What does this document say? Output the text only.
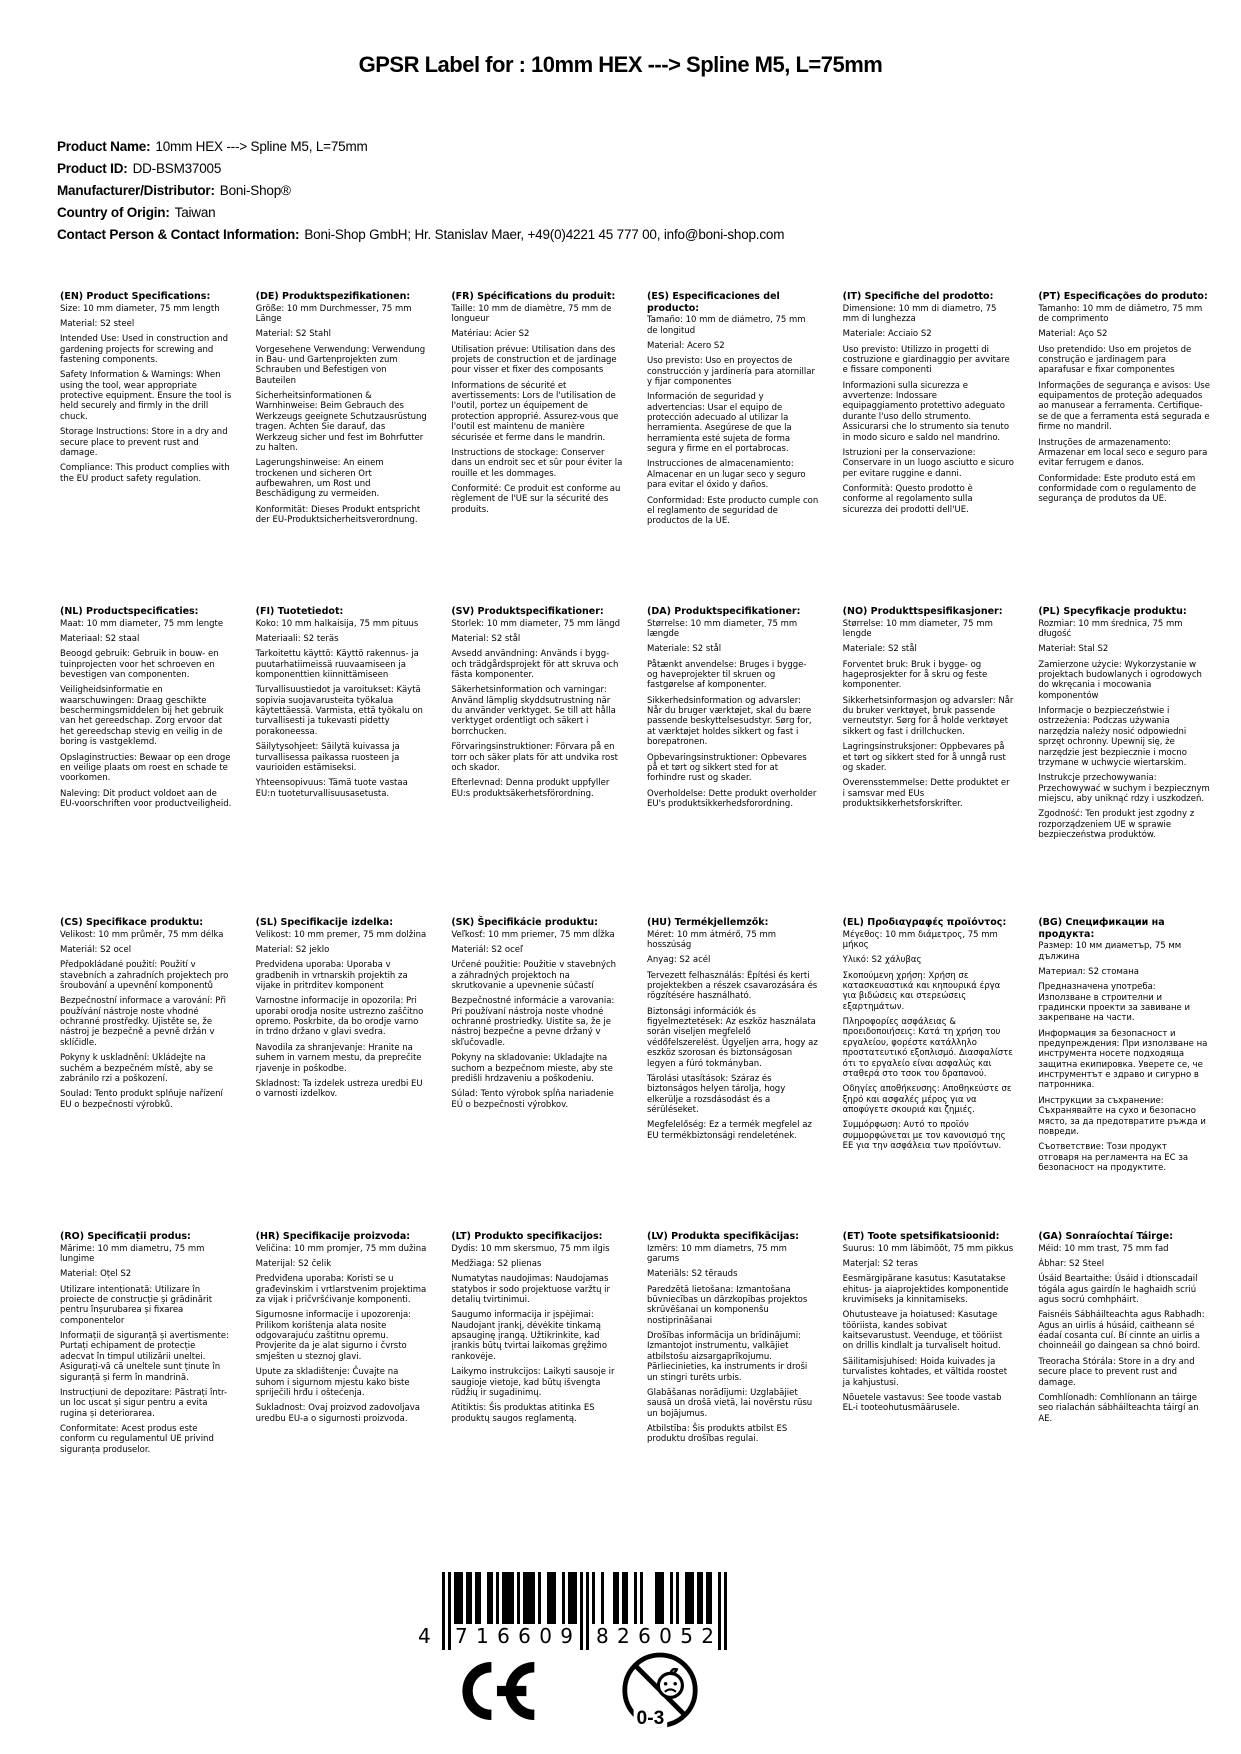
GPSR Label for : 10mm HEX ---> Spline M5, L=75mm
Product Name: 10mm HEX ---> Spline M5, L=75mm
Product ID: DD-BSM37005
Manufacturer/Distributor: Boni-Shop®
Country of Origin: Taiwan
Contact Person & Contact Information: Boni-Shop GmbH; Hr. Stanislav Maer, +49(0)4221 45 777 00, info@boni-shop.com
(EN) Product Specifications:

Size: 10 mm diameter, 75 mm length

Material: S2 steel

Intended Use: Used in construction and gardening projects for screwing and fastening components.

Safety Information & Warnings: When using the tool, wear appropriate protective equipment. Ensure the tool is held securely and firmly in the drill chuck.

Storage Instructions: Store in a dry and secure place to prevent rust and damage.

Compliance: This product complies with the EU product safety regulation.

(DE) Produktspezifikationen:

Größe: 10 mm Durchmesser, 75 mm Länge

Material: S2 Stahl

Vorgesehene Verwendung: Verwendung in Bau- und Gartenprojekten zum Schrauben und Befestigen von Bauteilen

Sicherheitsinformationen & Warnhinweise: Beim Gebrauch des Werkzeugs geeignete Schutzausrüstung tragen. Achten Sie darauf, das Werkzeug sicher und fest im Bohrfutter zu halten.

Lagerungshinweise: An einem trockenen und sicheren Ort aufbewahren, um Rost und Beschädigung zu vermeiden.

Konformität: Dieses Produkt entspricht der EU-Produktsicherheitsverordnung.

(FR) Spécifications du produit:

Taille: 10 mm de diamètre, 75 mm de longueur

Matériau: Acier S2

Utilisation prévue: Utilisation dans des projets de construction et de jardinage pour visser et fixer des composants

Informations de sécurité et avertissements: Lors de l'utilisation de l'outil, portez un équipement de protection approprié. Assurez-vous que l'outil est maintenu de manière sécurisée et ferme dans le mandrin.

Instructions de stockage: Conserver dans un endroit sec et sûr pour éviter la rouille et les dommages.

Conformité: Ce produit est conforme au règlement de l'UE sur la sécurité des produits.

(ES) Especificaciones del producto:

Tamaño: 10 mm de diámetro, 75 mm de longitud

Material: Acero S2

Uso previsto: Uso en proyectos de construcción y jardinería para atornillar y fijar componentes

Información de seguridad y advertencias: Usar el equipo de protección adecuado al utilizar la herramienta. Asegúrese de que la herramienta esté sujeta de forma segura y firme en el portabrocas.

Instrucciones de almacenamiento: Almacenar en un lugar seco y seguro para evitar el óxido y daños.

Conformidad: Este producto cumple con el reglamento de seguridad de productos de la UE.

(IT) Specifiche del prodotto:

Dimensione: 10 mm di diametro, 75 mm di lunghezza

Materiale: Acciaio S2

Uso previsto: Utilizzo in progetti di costruzione e giardinaggio per avvitare e fissare componenti

Informazioni sulla sicurezza e avvertenze: Indossare equipaggiamento protettivo adeguato durante l'uso dello strumento. Assicurarsi che lo strumento sia tenuto in modo sicuro e saldo nel mandrino.

Istruzioni per la conservazione: Conservare in un luogo asciutto e sicuro per evitare ruggine e danni.

Conformità: Questo prodotto è conforme al regolamento sulla sicurezza dei prodotti dell'UE.

(PT) Especificações do produto:

Tamanho: 10 mm de diâmetro, 75 mm de comprimento

Material: Aço S2

Uso pretendido: Uso em projetos de construção e jardinagem para aparafusar e fixar componentes

Informações de segurança e avisos: Use equipamentos de proteção adequados ao manusear a ferramenta. Certifique-se de que a ferramenta está segurada e firme no mandril.

Instruções de armazenamento: Armazenar em local seco e seguro para evitar ferrugem e danos.

Conformidade: Este produto está em conformidade com o regulamento de segurança de produtos da UE.

(NL) Productspecificaties:

Maat: 10 mm diameter, 75 mm lengte

Materiaal: S2 staal

Beoogd gebruik: Gebruik in bouw- en tuinprojecten voor het schroeven en bevestigen van componenten.

Veiligheidsinformatie en waarschuwingen: Draag geschikte beschermingsmiddelen bij het gebruik van het gereedschap. Zorg ervoor dat het gereedschap stevig en veilig in de boring is vastgeklemd.

Opslaginstructies: Bewaar op een droge en veilige plaats om roest en schade te voorkomen.

Naleving: Dit product voldoet aan de EU-voorschriften voor productveiligheid.

(FI) Tuotetiedot:

Koko: 10 mm halkaisija, 75 mm pituus

Materiaali: S2 teräs

Tarkoitettu käyttö: Käyttö rakennus- ja puutarhatiimeissä ruuvaamiseen ja komponenttien kiinnittämiseen

Turvallisuustiedot ja varoitukset: Käytä sopivia suojavarusteita työkalua käytettäessä. Varmista, että työkalu on turvallisesti ja tukevasti pidetty porakoneessa.

Säilytysohjeet: Säilytä kuivassa ja turvallisessa paikassa ruosteen ja vaurioiden estämiseksi.

Yhteensopivuus: Tämä tuote vastaa EU:n tuoteturvallisuusasetusta.

(SV) Produktspecifikationer:

Storlek: 10 mm diameter, 75 mm längd

Material: S2 stål

Avsedd användning: Används i bygg- och trädgårdsprojekt för att skruva och fästa komponenter.

Säkerhetsinformation och varningar: Använd lämplig skyddsutrustning när du använder verktyget. Se till att hålla verktyget ordentligt och säkert i borrchucken.

Förvaringsinstruktioner: Förvara på en torr och säker plats för att undvika rost och skador.

Efterlevnad: Denna produkt uppfyller EU:s produktsäkerhetsförordning.

(DA) Produktspecifikationer:

Størrelse: 10 mm diameter, 75 mm længde

Materiale: S2 stål

Påtænkt anvendelse: Bruges i bygge- og haveprojekter til skruen og fastgørelse af komponenter.

Sikkerhedsinformation og advarsler: Når du bruger værktøjet, skal du bære passende beskyttelsesudstyr. Sørg for, at værktøjet holdes sikkert og fast i borepatronen.

Opbevaringsinstruktioner: Opbevares på et tørt og sikkert sted for at forhindre rust og skader.

Overholdelse: Dette produkt overholder EU's produktsikkerhedsforordning.

(NO) Produkttspesifikasjoner:

Størrelse: 10 mm diameter, 75 mm lengde

Materiale: S2 stål

Forventet bruk: Bruk i bygge- og hageprosjekter for å skru og feste komponenter.

Sikkerhetsinformasjon og advarsler: Når du bruker verktøyet, bruk passende verneutstyr. Sørg for å holde verktøyet sikkert og fast i drillchucken.

Lagringsinstruksjoner: Oppbevares på et tørt og sikkert sted for å unngå rust og skader.

Overensstemmelse: Dette produktet er i samsvar med EUs produktsikkerhetsforskrifter.

(PL) Specyfikacje produktu:

Rozmiar: 10 mm średnica, 75 mm długość

Materiał: Stal S2

Zamierzone użycie: Wykorzystanie w projektach budowlanych i ogrodowych do wkręcania i mocowania komponentów

Informacje o bezpieczeństwie i ostrzeżenia: Podczas używania narzędzia należy nosić odpowiedni sprzęt ochronny. Upewnij się, że narzędzie jest bezpiecznie i mocno trzymane w uchwycie wiertarskim.

Instrukcje przechowywania: Przechowywać w suchym i bezpiecznym miejscu, aby uniknąć rdzy i uszkodzeń.

Zgodność: Ten produkt jest zgodny z rozporządzeniem UE w sprawie bezpieczeństwa produktów.

(CS) Specifikace produktu:

Velikost: 10 mm průměr, 75 mm délka

Materiál: S2 ocel

Předpokládané použití: Použití v stavebních a zahradních projektech pro šroubování a upevnění komponentů

Bezpečnostní informace a varování: Při používání nástroje noste vhodné ochranné prostředky. Ujistěte se, že nástroj je bezpečně a pevně držán v sklíčidle.

Pokyny k uskladnění: Ukládejte na suchém a bezpečném místě, aby se zabránilo rzi a poškození.

Soulad: Tento produkt splňuje nařízení EU o bezpečnosti výrobků.

(SL) Specifikacije izdelka:

Velikost: 10 mm premer, 75 mm dolžina

Material: S2 jeklo

Predvidena uporaba: Uporaba v gradbenih in vrtnarskih projektih za vijake in pritrditev komponent

Varnostne informacije in opozorila: Pri uporabi orodja nosite ustrezno zaščitno opremo. Poskrbite, da bo orodje varno in trdno držano v glavi svedra.

Navodila za shranjevanje: Hranite na suhem in varnem mestu, da preprečite rjavenje in poškodbe.

Skladnost: Ta izdelek ustreza uredbi EU o varnosti izdelkov.

(SK) Špecifikácie produktu:

Veľkosť: 10 mm priemer, 75 mm dĺžka

Materiál: S2 oceľ

Určené použitie: Použitie v stavebných a záhradných projektoch na skrutkovanie a upevnenie súčastí

Bezpečnostné informácie a varovania: Pri používaní nástroja noste vhodné ochranné prostriedky. Uistite sa, že je nástroj bezpečne a pevne držaný v skľučovadle.

Pokyny na skladovanie: Ukladajte na suchom a bezpečnom mieste, aby ste predišli hrdzaveniu a poškodeniu.

Súlad: Tento výrobok spĺňa nariadenie EÚ o bezpečnosti výrobkov.

(HU) Termékjellemzők:

Méret: 10 mm átmérő, 75 mm hosszúság

Anyag: S2 acél

Tervezett felhasználás: Építési és kerti projektekben a részek csavarozására és rögzítésére használható.

Biztonsági információk és figyelmeztetések: Az eszköz használata során viseljen megfelelő védőfelszerelést. Ügyeljen arra, hogy az eszköz szorosan és biztonságosan legyen a fúró tokmányban.

Tárolási utasítások: Száraz és biztonságos helyen tárolja, hogy elkerülje a rozsdásodást és a sérüléseket.

Megfelelőség: Ez a termék megfelel az EU termékbiztonsági rendeletének.

(EL) Προδιαγραφές προϊόντος:

Μέγεθος: 10 mm διάμετρος, 75 mm μήκος

Υλικό: S2 χάλυβας

Σκοπούμενη χρήση: Χρήση σε κατασκευαστικά και κηπουρικά έργα για βιδώσεις και στερεώσεις εξαρτημάτων.

Πληροφορίες ασφάλειας & προειδοποιήσεις: Κατά τη χρήση του εργαλείου, φορέστε κατάλληλο προστατευτικό εξοπλισμό. Διασφαλίστε ότι το εργαλείο είναι ασφαλώς και σταθερά στο τσοκ του δραπανού.

Οδηγίες αποθήκευσης: Αποθηκεύστε σε ξηρό και ασφαλές μέρος για να αποφύγετε σκουριά και ζημιές.

Συμμόρφωση: Αυτό το προϊόν συμμορφώνεται με τον κανονισμό της ΕΕ για την ασφάλεια των προϊόντων.

(BG) Спецификации на продукта:

Размер: 10 мм диаметър, 75 мм дължина

Материал: S2 стомана

Предназначена употреба: Използване в строителни и градински проекти за завиване и закрепване на части.

Информация за безопасност и предупреждения: При използване на инструмента носете подходяща защитна екипировка. Уверете се, че инструментът е здраво и сигурно в патронника.

Инструкции за съхранение: Съхранявайте на сухо и безопасно място, за да предотвратите ръжда и повреди.

Съответствие: Този продукт отговаря на регламента на ЕС за безопасност на продуктите.

(RO) Specificații produs:

Mărime: 10 mm diametru, 75 mm lungime

Material: Oțel S2

Utilizare intenționată: Utilizare în proiecte de construcție și grădinărit pentru înșurubarea și fixarea componentelor

Informații de siguranță și avertismente: Purtați echipament de protecție adecvat în timpul utilizării uneltei. Asigurați-vă că uneltele sunt ținute în siguranță și ferm în mandrină.

Instrucțiuni de depozitare: Păstrați într-un loc uscat și sigur pentru a evita rugina și deteriorarea.

Conformitate: Acest produs este conform cu regulamentul UE privind siguranța produselor.

(HR) Specifikacije proizvoda:

Veličina: 10 mm promjer, 75 mm dužina

Materijal: S2 čelik

Predviđena uporaba: Koristi se u građevinskim i vrtlarstvenim projektima za vijak i pričvršćivanje komponenti.

Sigurnosne informacije i upozorenja: Prilikom korištenja alata nosite odgovarajuću zaštitnu opremu. Provjerite da je alat sigurno i čvrsto smješten u steznoj glavi.

Upute za skladištenje: Čuvajte na suhom i sigurnom mjestu kako biste spriječili hrđu i oštećenja.

Sukladnost: Ovaj proizvod zadovoljava uredbu EU-a o sigurnosti proizvoda.

(LT) Produkto specifikacijos:

Dydis: 10 mm skersmuo, 75 mm ilgis

Medžiaga: S2 plienas

Numatytas naudojimas: Naudojamas statybos ir sodo projektuose varžtų ir detalių tvirtinimui.

Saugumo informacija ir įspėjimai: Naudojant įrankį, dėvėkite tinkamą apsauginę įrangą. Užtikrinkite, kad įrankis būtų tvirtai laikomas gręžimo rankovėje.

Laikymo instrukcijos: Laikyti sausoje ir saugioje vietoje, kad būtų išvengta rūdžių ir sugadinimų.

Atitiktis: Šis produktas atitinka ES produktų saugos reglamentą.

(LV) Produkta specifikācijas:

Izmērs: 10 mm diametrs, 75 mm garums

Materiāls: S2 tērauds

Paredzētā lietošana: Izmantošana būvniecības un dārzkopības projektos skrūvēšanai un komponenšu nostiprināšanai

Drošības informācija un brīdinājumi: Izmantojot instrumentu, valkājiet atbilstošu aizsargaprīkojumu. Pārliecinieties, ka instruments ir droši un stingri turēts urbis.

Glabāšanas norādījumi: Uzglabājiet sausā un drošā vietā, lai novērstu rūsu un bojājumus.

Atbilstība: Šis produkts atbilst ES produktu drošības regulai.

(ET) Toote spetsifikatsioonid:

Suurus: 10 mm läbimõõt, 75 mm pikkus

Materjal: S2 teras

Eesmärgipärane kasutus: Kasutatakse ehitus- ja aiaprojektides komponentide kruvimiseks ja kinnitamiseks.

Ohutusteave ja hoiatused: Kasutage tööriista, kandes sobivat kaitsevarustust. Veenduge, et tööriist on drillis kindlalt ja turvaliselt hoitud.

Säilitamisjuhised: Hoida kuivades ja turvalistes kohtades, et vältida roostet ja kahjustusi.

Nõuetele vastavus: See toode vastab EL-i tooteohutusmäärusele.

(GA) Sonraíochtaí Táirge:

Méid: 10 mm trast, 75 mm fad

Ábhar: S2 Steel

Úsáid Beartaithe: Úsáid i dtionscadail tógála agus gairdín le haghaidh scriú agus socrú comhpháirt.

Faisnéis Sábháilteachta agus Rabhadh: Agus an uirlis á húsáid, caitheann sé éadaí cosanta cuí. Bí cinnte an uirlis a choinneáil go daingean sa chnó boird.

Treoracha Stórála: Store in a dry and secure place to prevent rust and damage.

Comhlíonadh: Comhlíonann an táirge seo rialachán sábháilteachta táirgí an AE.

4 7 1 6 6 0 9 8 2 6 0 5 2
0-3
